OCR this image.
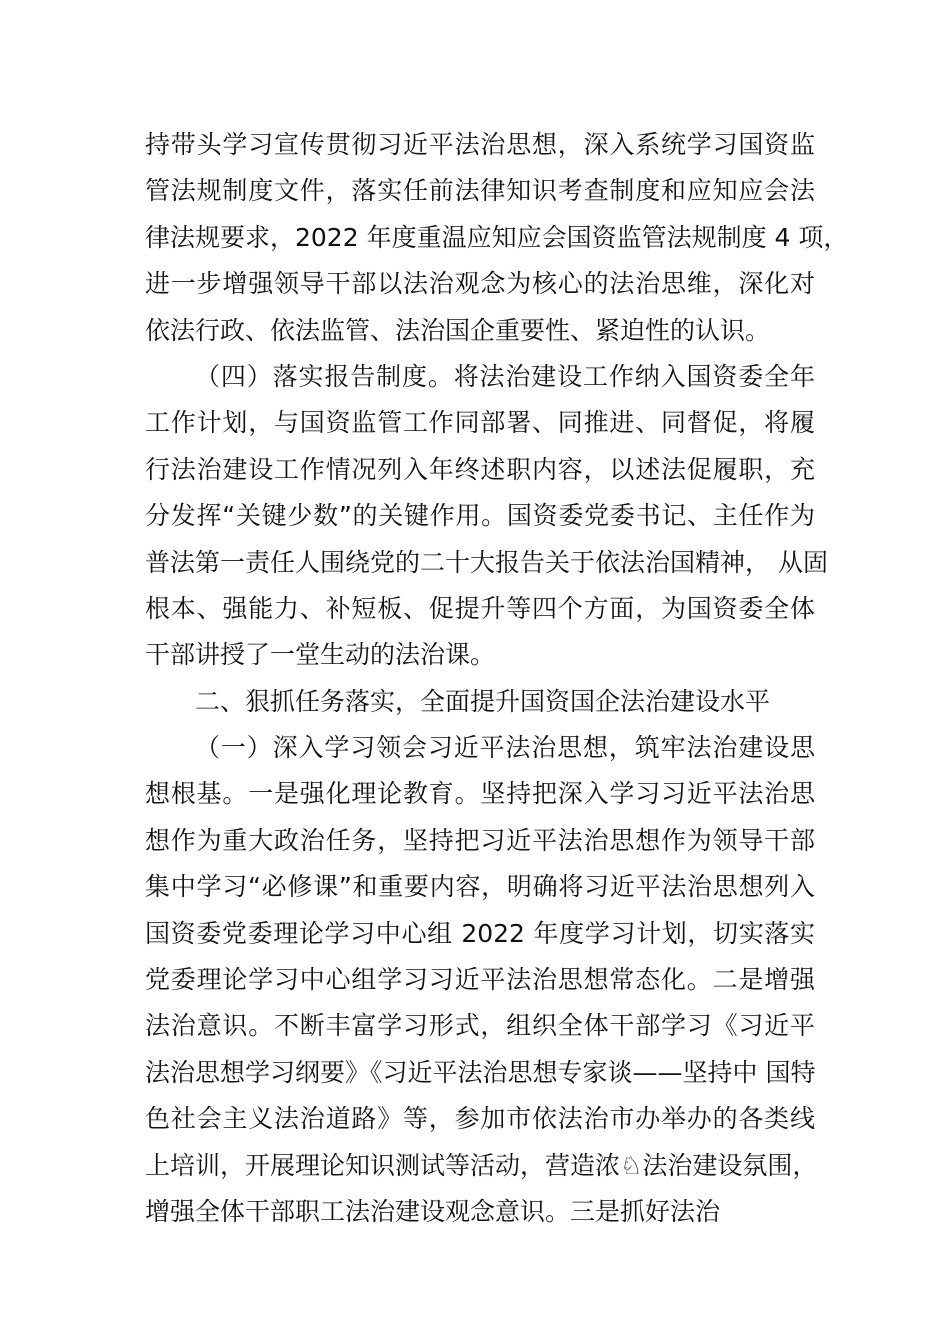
持带头学习宣传贯彻习近平法治思想，深入系统学习国资监
管法规制度文件，落实任前法律知识考查制度和应知应会法
律法规要求，2022 年度重温应知应会国资监管法规制度 4 项，
进一步增强领导干部以法治观念为核心的法治思维，深化对
依法行政、依法监管、法治国企重要性、紧迫性的认识。
（四）落实报告制度。将法治建设工作纳入国资委全年
工作计划，与国资监管工作同部署、同推进、同督促，将履
行法治建设工作情况列入年终述职内容，以述法促履职，充
分发挥“关键少数”的关键作用。国资委党委书记、主任作为
普法第一责任人围绕党的二十大报告关于依法治国精神， 从固
根本、强能力、补短板、促提升等四个方面，为国资委全体
干部讲授了一堂生动的法治课。
二、狠抓任务落实，全面提升国资国企法治建设水平
（一）深入学习领会习近平法治思想，筑牢法治建设思
想根基。一是强化理论教育。坚持把深入学习习近平法治思
想作为重大政治任务，坚持把习近平法治思想作为领导干部
集中学习“必修课”和重要内容，明确将习近平法治思想列入
国资委党委理论学习中心组 2022 年度学习计划，切实落实
党委理论学习中心组学习习近平法治思想常态化。二是增强
法治意识。不断丰富学习形式，组织全体干部学习《习近平
法治思想学习纲要》《习近平法治思想专家谈——坚持中 国特
色社会主义法治道路》等，参加市依法治市办举办的各类线
上培训，开展理论知识测试等活动，营造浓♘法治建设氛围，
增强全体干部职工法治建设观念意识。三是抓好法治
